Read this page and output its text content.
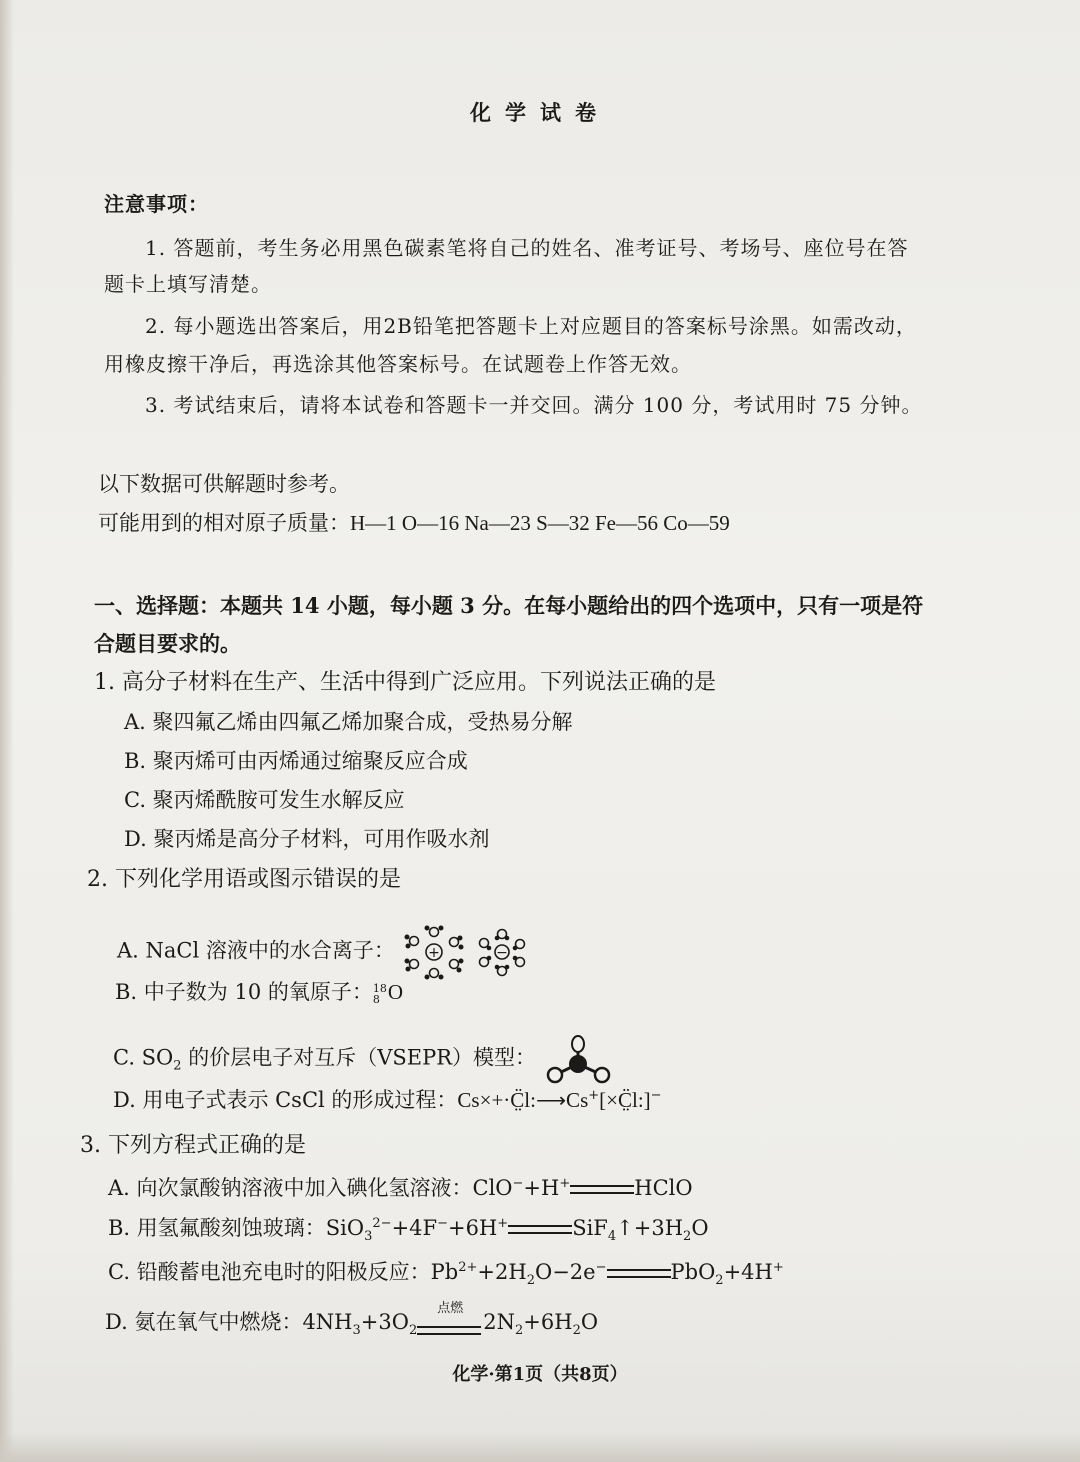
化学试卷
注意事项：
1. 答题前，考生务必用黑色碳素笔将自己的姓名、准考证号、考场号、座位号在答
题卡上填写清楚。
2. 每小题选出答案后，用2B铅笔把答题卡上对应题目的答案标号涂黑。如需改动，
用橡皮擦干净后，再选涂其他答案标号。在试题卷上作答无效。
3. 考试结束后，请将本试卷和答题卡一并交回。满分 100 分，考试用时 75 分钟。
以下数据可供解题时参考。
可能用到的相对原子质量：H—1 O—16 Na—23 S—32 Fe—56 Co—59
一、选择题：本题共 14 小题，每小题 3 分。在每小题给出的四个选项中，只有一项是符
合题目要求的。
1. 高分子材料在生产、生活中得到广泛应用。下列说法正确的是
A. 聚四氟乙烯由四氟乙烯加聚合成，受热易分解
B. 聚丙烯可由丙烯通过缩聚反应合成
C. 聚丙烯酰胺可发生水解反应
D. 聚丙烯是高分子材料，可用作吸水剂
2. 下列化学用语或图示错误的是
A. NaCl 溶液中的水合离子： +	−
B. 中子数为 10 的氧原子： 18
8 O
C. $SO_2$ 的价层电子对互斥（VSEPR）模型：
D. 用电子式表示 CsCl 的形成过程：Cs×+·C̤̈l:⟶Cs+[×C̤̈l:]−
3. 下列方程式正确的是
A. 向次氯酸钠溶液中加入碘化氢溶液：ClO−+H+	HClO
B. 用氢氟酸刻蚀玻璃：SiO$_3^{2-}$+4F−+6H+	$SiF_4↑+3H_2O$
C. 铅酸蓄电池充电时的阳极反应：$Pb^{2+}+2H_2O-2e^-$	PbO$_2$+4H+
D. 氨在氧气中燃烧：$4NH_3+3O_2$
点燃
$2N_2+6H_2O$
化学·第1页（共8页）
